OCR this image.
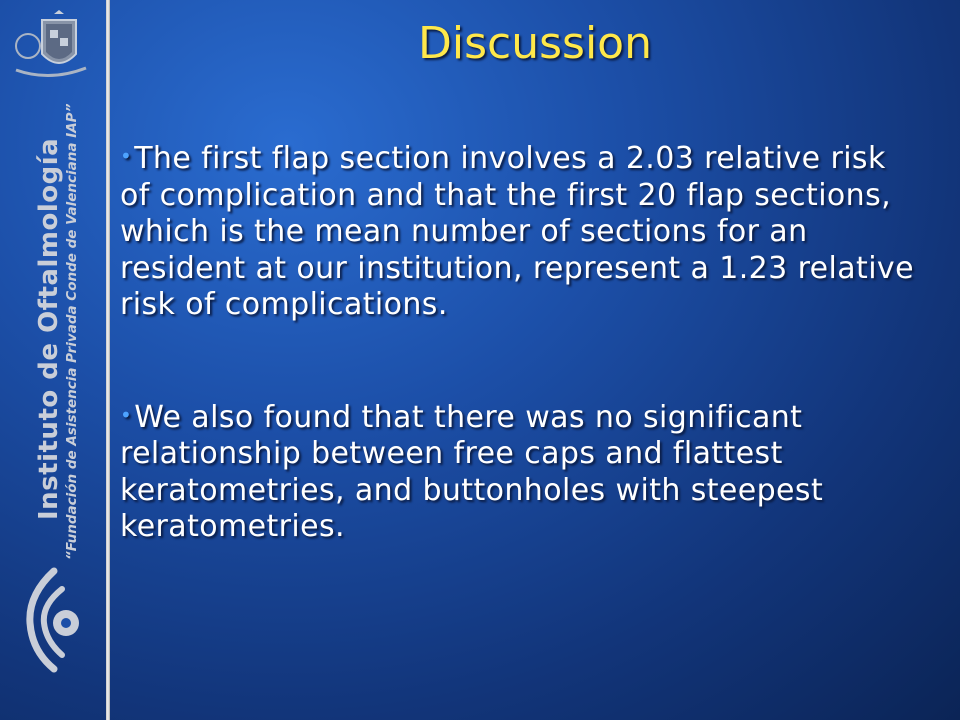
Instituto de Oftalmología “Fundación de Asistencia Privada Conde de Valenciana IAP”
Discussion

•The first flap section involves a 2.03 relative risk of complication and that the first 20 flap sections, which is the mean number of sections for an resident at our institution, represent a 1.23 relative risk of complications.

•We also found that there was no significant relationship between free caps and flattest keratometries, and buttonholes with steepest keratometries.
